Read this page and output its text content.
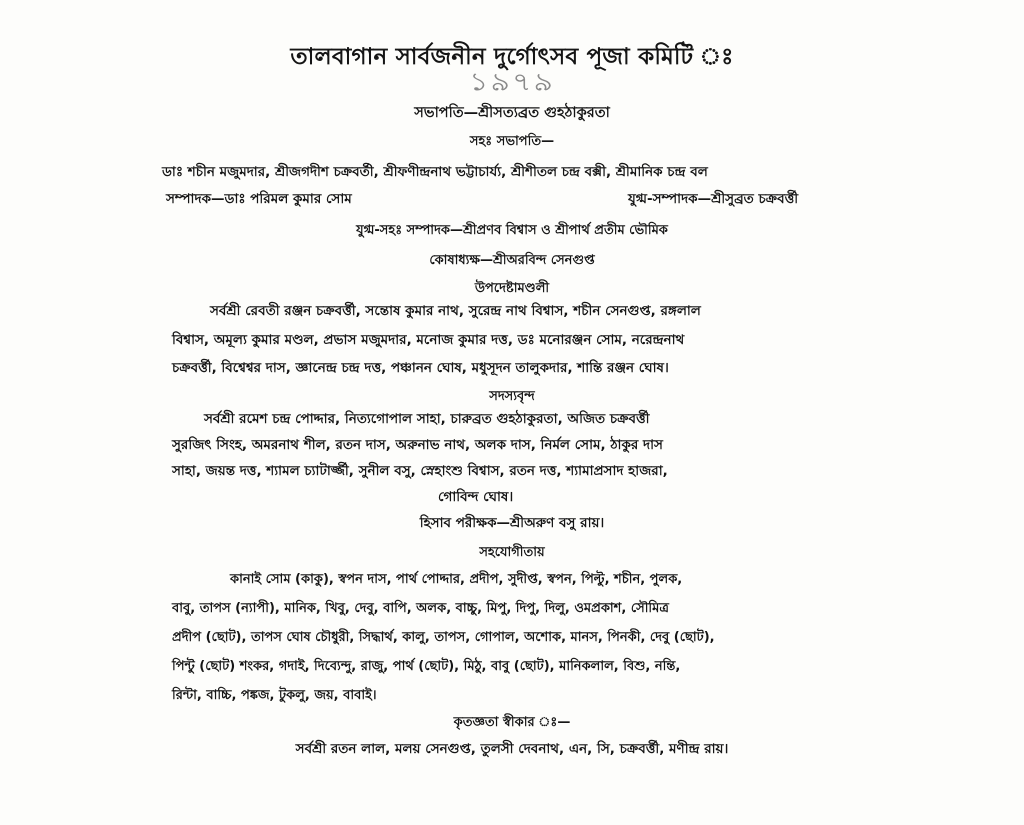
তালবাগান সার্বজনীন দুর্গোৎসব পূজা কমিটি ঃ
১৯৭৯
সভাপতি—শ্রীসত্যব্রত গুহঠাকুরতা
সহঃ সভাপতি—
ডাঃ শচীন মজুমদার, শ্রীজগদীশ চক্রবর্তী, শ্রীফণীন্দ্রনাথ ভট্টাচার্য্য, শ্রীশীতল চন্দ্র বক্সী, শ্রীমানিক চন্দ্র বল
সম্পাদক—ডাঃ পরিমল কুমার সোম	যুগ্ম-সম্পাদক—শ্রীসুব্রত চক্রবর্ত্তী
যুগ্ম-সহঃ সম্পাদক—শ্রীপ্রণব বিশ্বাস ও শ্রীপার্থ প্রতীম ভৌমিক
কোষাধ্যক্ষ—শ্রীঅরবিন্দ সেনগুপ্ত
উপদেষ্টামণ্ডলী
সর্বশ্রী রেবতী রঞ্জন চক্রবর্ত্তী, সন্তোষ কুমার নাথ, সুরেন্দ্র নাথ বিশ্বাস, শচীন সেনগুপ্ত, রঙ্গলাল
বিশ্বাস, অমূল্য কুমার মণ্ডল, প্রভাস মজুমদার, মনোজ কুমার দত্ত, ডঃ মনোরঞ্জন সোম, নরেন্দ্রনাথ
চক্রবর্ত্তী, বিশ্বেশ্বর দাস, জ্ঞানেন্দ্র চন্দ্র দত্ত, পঞ্চানন ঘোষ, মধুসূদন তালুকদার, শান্তি রঞ্জন ঘোষ।
সদস্যবৃন্দ
সর্বশ্রী রমেশ চন্দ্র পোদ্দার, নিত্যগোপাল সাহা, চারুব্রত গুহঠাকুরতা, অজিত চক্রবর্ত্তী
সুরজিৎ সিংহ, অমরনাথ শীল, রতন দাস, অরুনাভ নাথ, অলক দাস, নির্মল সোম, ঠাকুর দাস
সাহা, জয়ন্ত দত্ত, শ্যামল চ্যাটার্জ্জী, সুনীল বসু, স্নেহাংশু বিশ্বাস, রতন দত্ত, শ্যামাপ্রসাদ হাজরা,
গোবিন্দ ঘোষ।
হিসাব পরীক্ষক—শ্রীঅরুণ বসু রায়।
সহযোগীতায়
কানাই সোম (কাকু), স্বপন দাস, পার্থ পোদ্দার, প্রদীপ, সুদীপ্ত, স্বপন, পিল্টু, শচীন, পুলক,
বাবু, তাপস (ন্যাপী), মানিক, খিবু, দেবু, বাপি, অলক, বাচ্চু, মিপু, দিপু, দিলু, ওমপ্রকাশ, সৌমিত্র
প্রদীপ (ছোট), তাপস ঘোষ চৌধুরী, সিদ্ধার্থ, কালু, তাপস, গোপাল, অশোক, মানস, পিনকী, দেবু (ছোট),
পিন্টু (ছোট) শংকর, গদাই, দিব্যেন্দু, রাজু, পার্থ (ছোট), মিঠু, বাবু (ছোট), মানিকলাল, বিশু, নন্তি,
রিন্টা, বাচ্চি, পঙ্কজ, টুকলু, জয়, বাবাই।
কৃতজ্ঞতা স্বীকার ঃ—
সর্বশ্রী রতন লাল, মলয় সেনগুপ্ত, তুলসী দেবনাথ, এন, সি, চক্রবর্ত্তী, মণীন্দ্র রায়।
